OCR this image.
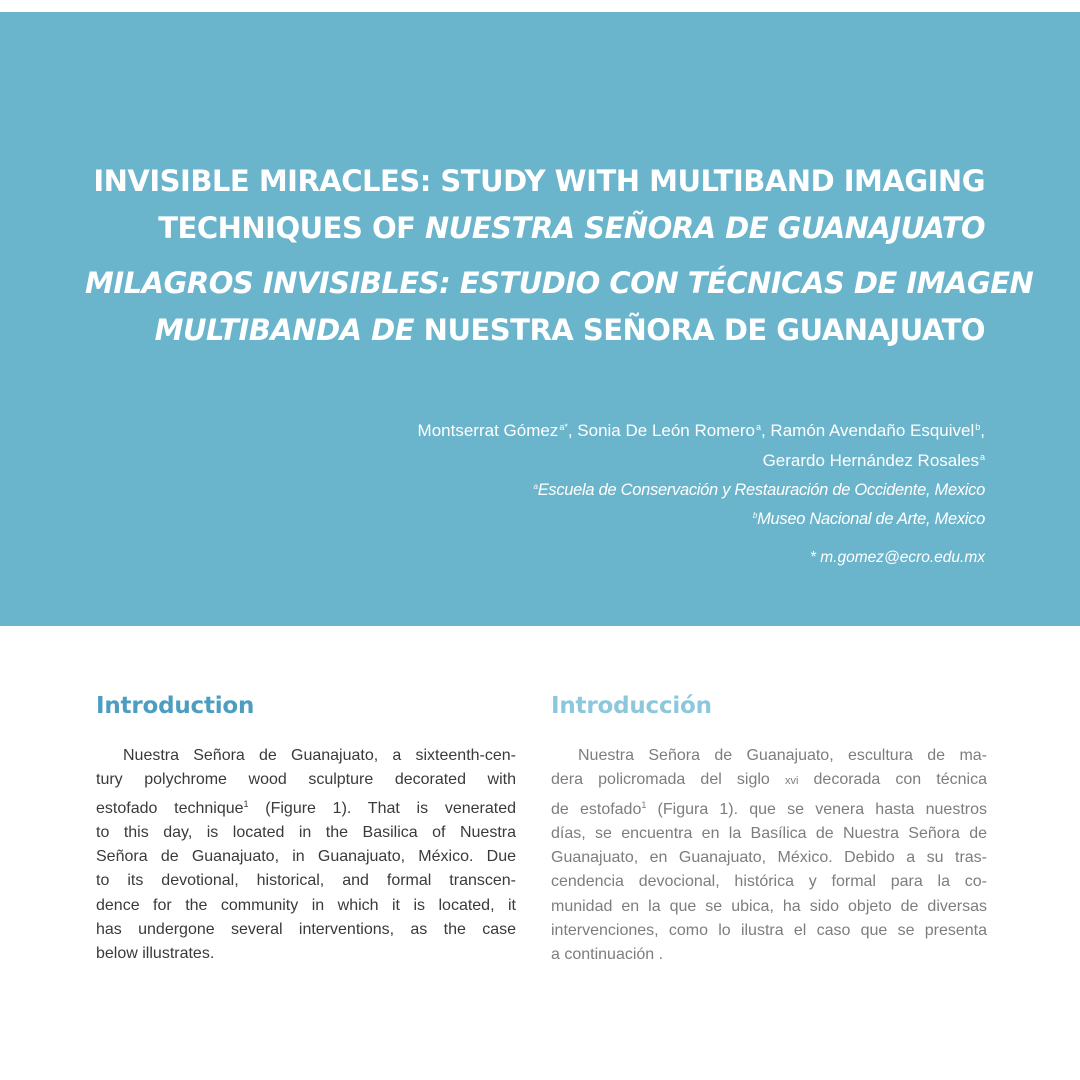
INVISIBLE MIRACLES: STUDY WITH MULTIBAND IMAGING
TECHNIQUES OF NUESTRA SEÑORA DE GUANAJUATO
MILAGROS INVISIBLES: ESTUDIO CON TÉCNICAS DE IMAGEN
MULTIBANDA DE NUESTRA SEÑORA DE GUANAJUATO
Montserrat Gómez$^{a*}$, Sonia De León Romero$^a$, Ramón Avendaño Esquivel$^b$,
Gerardo Hernández Rosales$^a$
$^a$Escuela de Conservación y Restauración de Occidente, Mexico
$^b$Museo Nacional de Arte, Mexico
* m.gomez@ecro.edu.mx
Introduction

Nuestra Señora de Guanajuato, a sixteenth-cen-
tury polychrome wood sculpture decorated with
estofado technique$^1$ (Figure 1). That is venerated
to this day, is located in the Basilica of Nuestra
Señora de Guanajuato, in Guanajuato, México. Due
to its devotional, historical, and formal transcen-
dence for the community in which it is located, it
has undergone several interventions, as the case
below illustrates.

Introducción

Nuestra Señora de Guanajuato, escultura de ma-
dera policromada del siglo xvi decorada con técnica
de estofado$^1$ (Figura 1). que se venera hasta nuestros
días, se encuentra en la Basílica de Nuestra Señora de
Guanajuato, en Guanajuato, México. Debido a su tras-
cendencia devocional, histórica y formal para la co-
munidad en la que se ubica, ha sido objeto de diversas
intervenciones, como lo ilustra el caso que se presenta
a continuación .
